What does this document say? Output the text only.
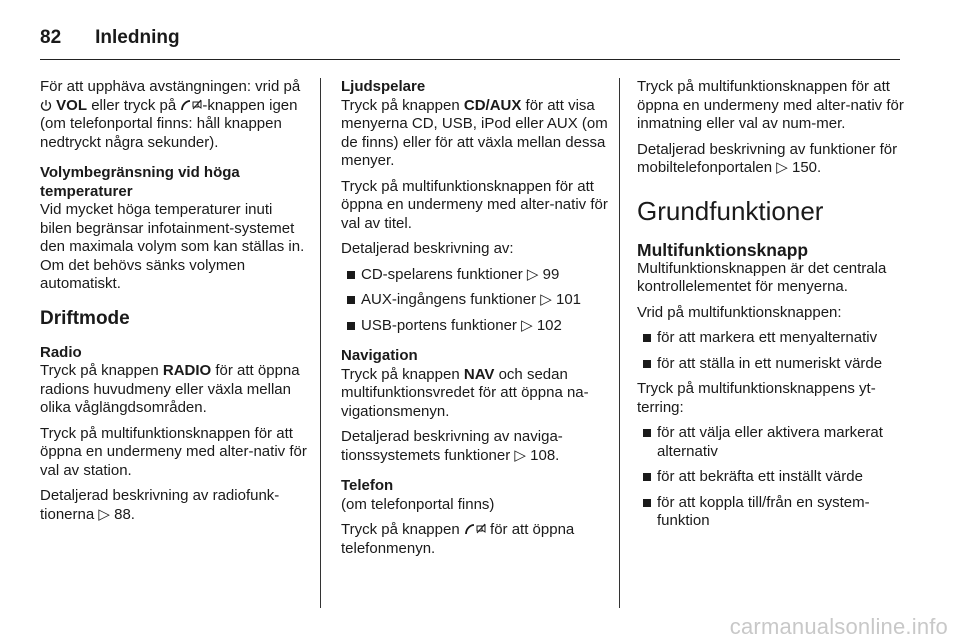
82 Inledning
För att upphäva avstängningen: vrid på  VOL eller tryck på -knappen igen (om telefonportal finns: håll knappen nedtryckt några sekunder).
Volymbegränsning vid höga temperaturer

Vid mycket höga temperaturer inuti bilen begränsar infotainment-systemet den maximala volym som kan ställas in. Om det behövs sänks volymen automatiskt.

Driftmode
Radio

Tryck på knappen RADIO för att öppna radions huvudmeny eller växla mellan olika våglängdsområden.

Tryck på multifunktionsknappen för att öppna en undermeny med alter-nativ för val av station.

Detaljerad beskrivning av radiofunk-tionerna ▷ 88.

Ljudspelare

Tryck på knappen CD/AUX för att visa menyerna CD, USB, iPod eller AUX (om de finns) eller för att växla mellan dessa menyer.

Tryck på multifunktionsknappen för att öppna en undermeny med alter-nativ för val av titel.

Detaljerad beskrivning av:

CD-spelarens funktioner ▷ 99
AUX-ingångens funktioner ▷ 101
USB-portens funktioner ▷ 102
Navigation

Tryck på knappen NAV och sedan multifunktionsvredet för att öppna na-vigationsmenyn.

Detaljerad beskrivning av naviga-tionssystemets funktioner ▷ 108.

Telefon

(om telefonportal finns)

Tryck på knappen för att öppna telefonmenyn.

Tryck på multifunktionsknappen för att öppna en undermeny med alter-nativ för inmatning eller val av num-mer.

Detaljerad beskrivning av funktioner för mobiltelefonportalen ▷ 150.

Grundfunktioner
Multifunktionsknapp

Multifunktionsknappen är det centrala kontrollelementet för menyerna.

Vrid på multifunktionsknappen:

för att markera ett menyalternativ
för att ställa in ett numeriskt värde

Tryck på multifunktionsknappens yt-terring:

för att välja eller aktivera markerat alternativ
för att bekräfta ett inställt värde
för att koppla till/från en system-funktion
carmanualsonline.info
